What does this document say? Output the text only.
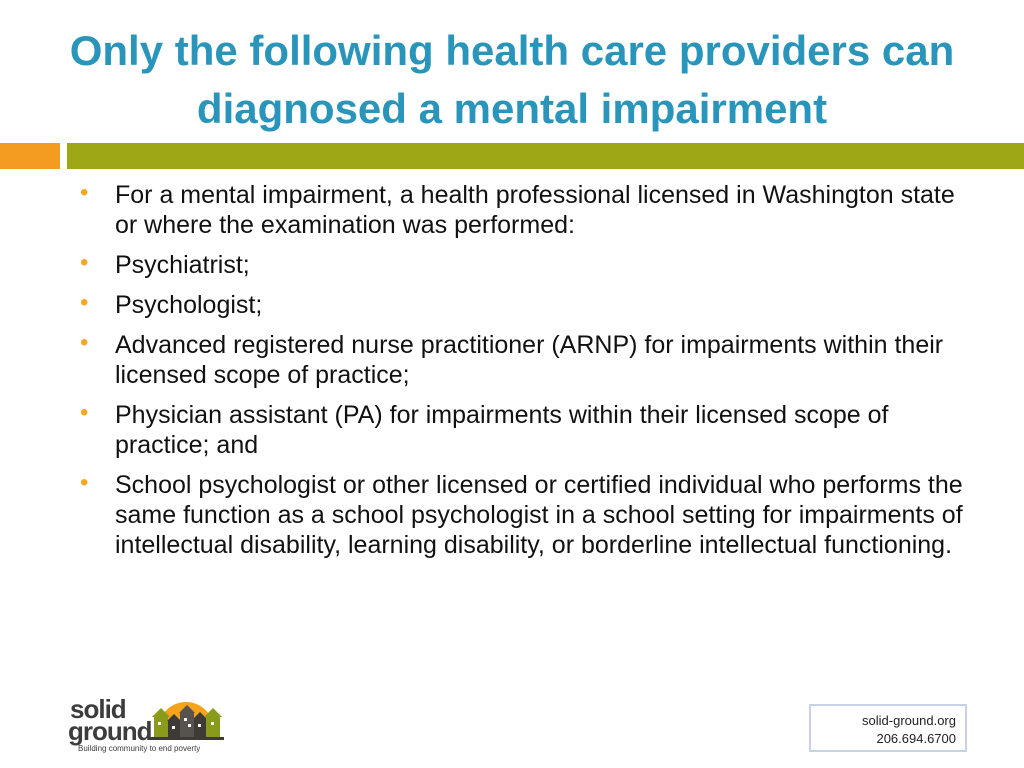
Only the following health care providers can diagnosed a mental impairment
• For a mental impairment, a health professional licensed in Washington state or where the examination was performed:
• Psychiatrist;
• Psychologist;
• Advanced registered nurse practitioner (ARNP) for impairments within their licensed scope of practice;
• Physician assistant (PA) for impairments within their licensed scope of practice; and
• School psychologist or other licensed or certified individual who performs the same function as a school psychologist in a school setting for impairments of intellectual disability, learning disability, or borderline intellectual functioning.
solid
ground
Building community to end poverty
solid-ground.org
206.694.6700
